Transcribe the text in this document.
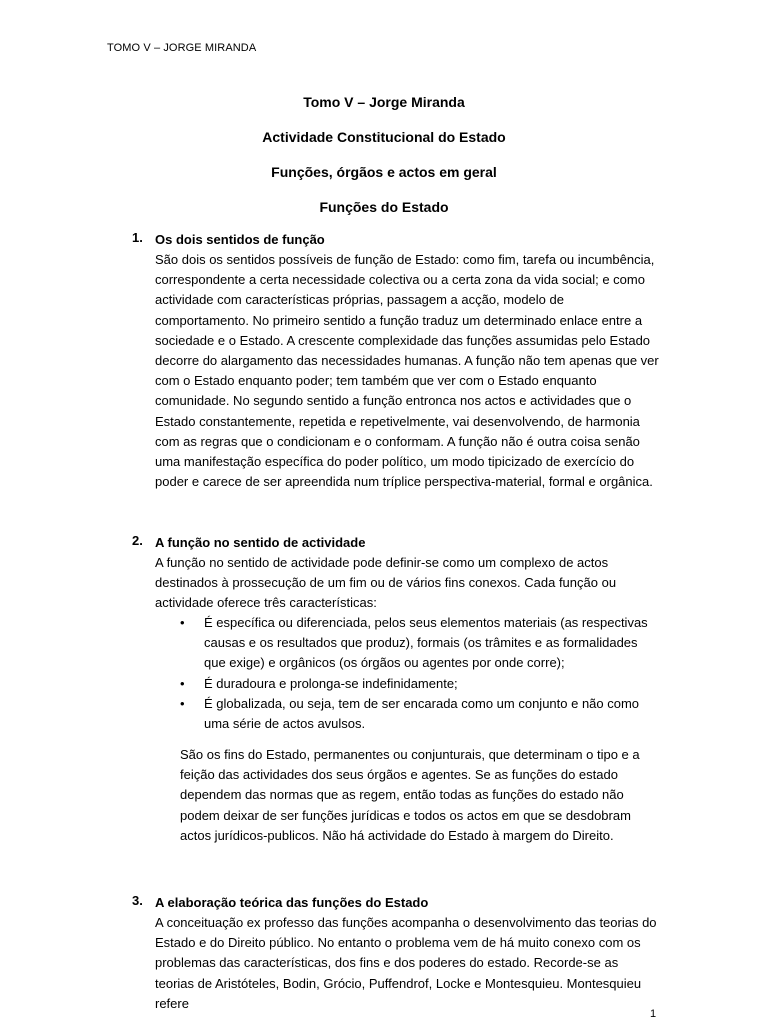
TOMO V – JORGE MIRANDA
Tomo V – Jorge Miranda
Actividade Constitucional do Estado
Funções, órgãos e actos em geral
Funções do Estado
1. Os dois sentidos de função
São dois os sentidos possíveis de função de Estado: como fim, tarefa ou incumbência, correspondente a certa necessidade colectiva ou a certa zona da vida social; e como actividade com características próprias, passagem a acção, modelo de comportamento. No primeiro sentido a função traduz um determinado enlace entre a sociedade e o Estado. A crescente complexidade das funções assumidas pelo Estado decorre do alargamento das necessidades humanas. A função não tem apenas que ver com o Estado enquanto poder; tem também que ver com o Estado enquanto comunidade. No segundo sentido a função entronca nos actos e actividades que o Estado constantemente, repetida e repetivelmente, vai desenvolvendo, de harmonia com as regras que o condicionam e o conformam. A função não é outra coisa senão uma manifestação específica do poder político, um modo tipicizado de exercício do poder e carece de ser apreendida num tríplice perspectiva-material, formal e orgânica.
2. A função no sentido de actividade
A função no sentido de actividade pode definir-se como um complexo de actos destinados à prossecução de um fim ou de vários fins conexos. Cada função ou actividade oferece três características:
• É específica ou diferenciada, pelos seus elementos materiais (as respectivas causas e os resultados que produz), formais (os trâmites e as formalidades que exige) e orgânicos (os órgãos ou agentes por onde corre);
• É duradoura e prolonga-se indefinidamente;
• É globalizada, ou seja, tem de ser encarada como um conjunto e não como uma série de actos avulsos.
São os fins do Estado, permanentes ou conjunturais, que determinam o tipo e a feição das actividades dos seus órgãos e agentes. Se as funções do estado dependem das normas que as regem, então todas as funções do estado não podem deixar de ser funções jurídicas e todos os actos em que se desdobram actos jurídicos-publicos. Não há actividade do Estado à margem do Direito.
3. A elaboração teórica das funções do Estado
A conceituação ex professo das funções acompanha o desenvolvimento das teorias do Estado e do Direito público. No entanto o problema vem de há muito conexo com os problemas das características, dos fins e dos poderes do estado. Recorde-se as teorias de Aristóteles, Bodin, Grócio, Puffendrof, Locke e Montesquieu. Montesquieu refere
1
